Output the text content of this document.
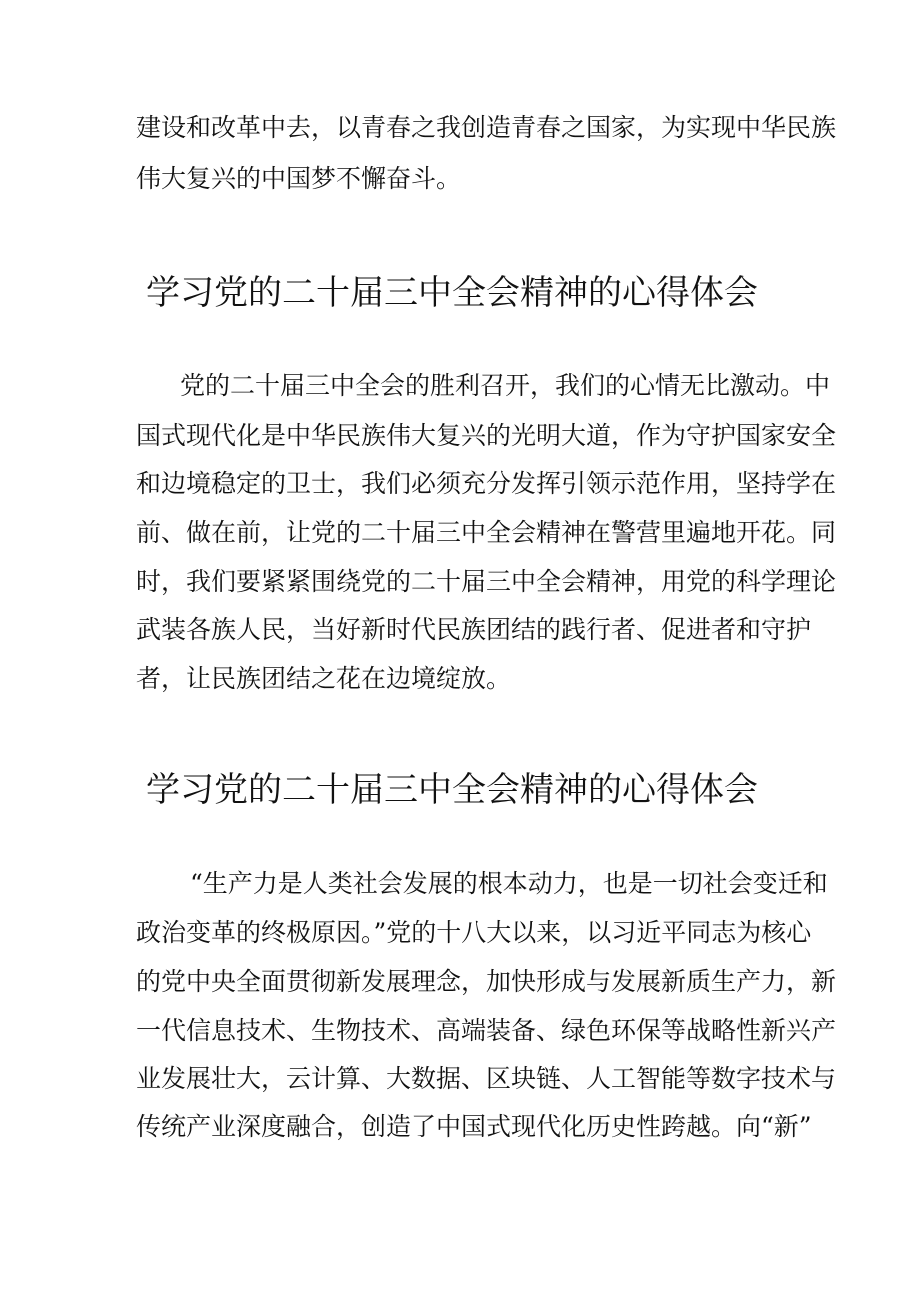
建设和改革中去，以青春之我创造青春之国家，为实现中华民族
伟大复兴的中国梦不懈奋斗。
学习党的二十届三中全会精神的心得体会
党的二十届三中全会的胜利召开，我们的心情无比激动。中
国式现代化是中华民族伟大复兴的光明大道，作为守护国家安全
和边境稳定的卫士，我们必须充分发挥引领示范作用，坚持学在
前、做在前，让党的二十届三中全会精神在警营里遍地开花。同
时，我们要紧紧围绕党的二十届三中全会精神，用党的科学理论
武装各族人民，当好新时代民族团结的践行者、促进者和守护
者，让民族团结之花在边境绽放。
学习党的二十届三中全会精神的心得体会
“生产力是人类社会发展的根本动力，也是一切社会变迁和
政治变革的终极原因。”党的十八大以来，以习近平同志为核心
的党中央全面贯彻新发展理念，加快形成与发展新质生产力，新
一代信息技术、生物技术、高端装备、绿色环保等战略性新兴产
业发展壮大，云计算、大数据、区块链、人工智能等数字技术与
传统产业深度融合，创造了中国式现代化历史性跨越。向“新”
